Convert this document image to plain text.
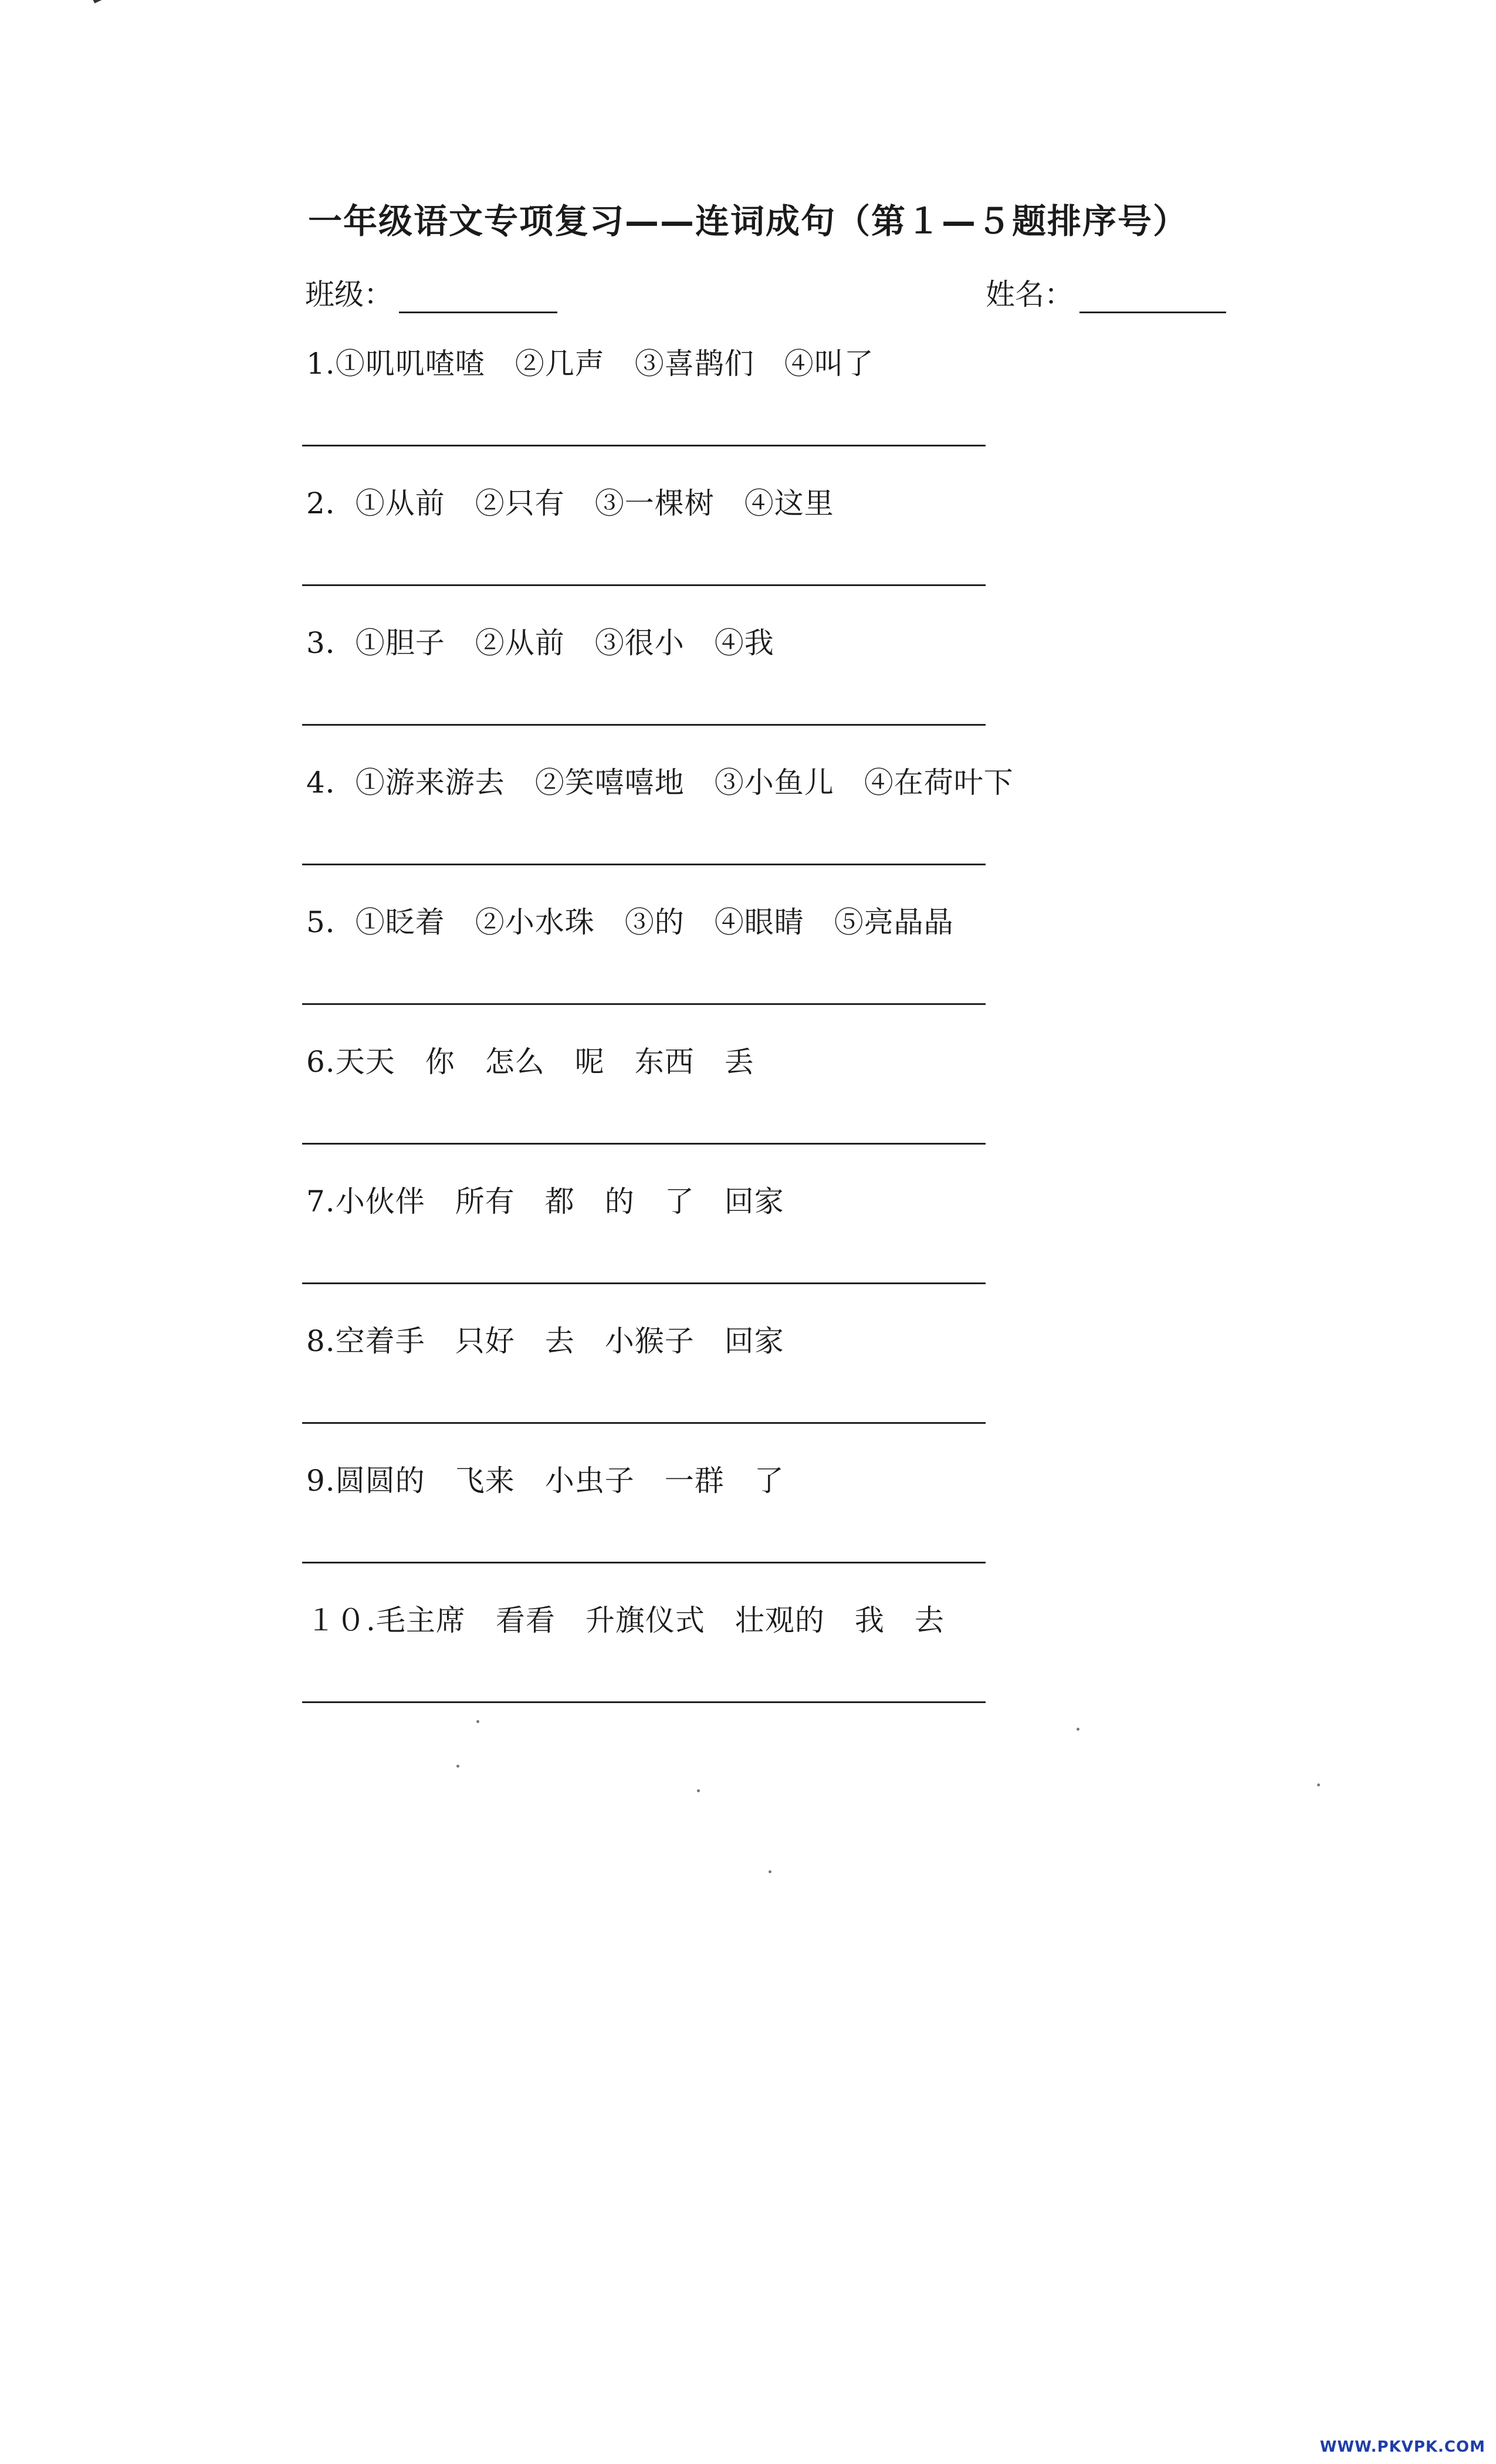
一年级语文专项复习——连词成句（第１—５题排序号）
班级：	姓名：
1.①叽叽喳喳　②几声　③喜鹊们　④叫了
2．①从前　②只有　③一棵树　④这里
3．①胆子　②从前　③很小　④我
4．①游来游去　②笑嘻嘻地　③小鱼儿　④在荷叶下
5．①眨着　②小水珠　③的　④眼睛　⑤亮晶晶
6.天天　你　怎么　呢　东西　丢
7.小伙伴　所有　都　的　了　回家
8.空着手　只好　去　小猴子　回家
9.圆圆的　飞来　小虫子　一群　了
１０.毛主席　看看　升旗仪式　壮观的　我　去
WWW.PKVPK.COM
